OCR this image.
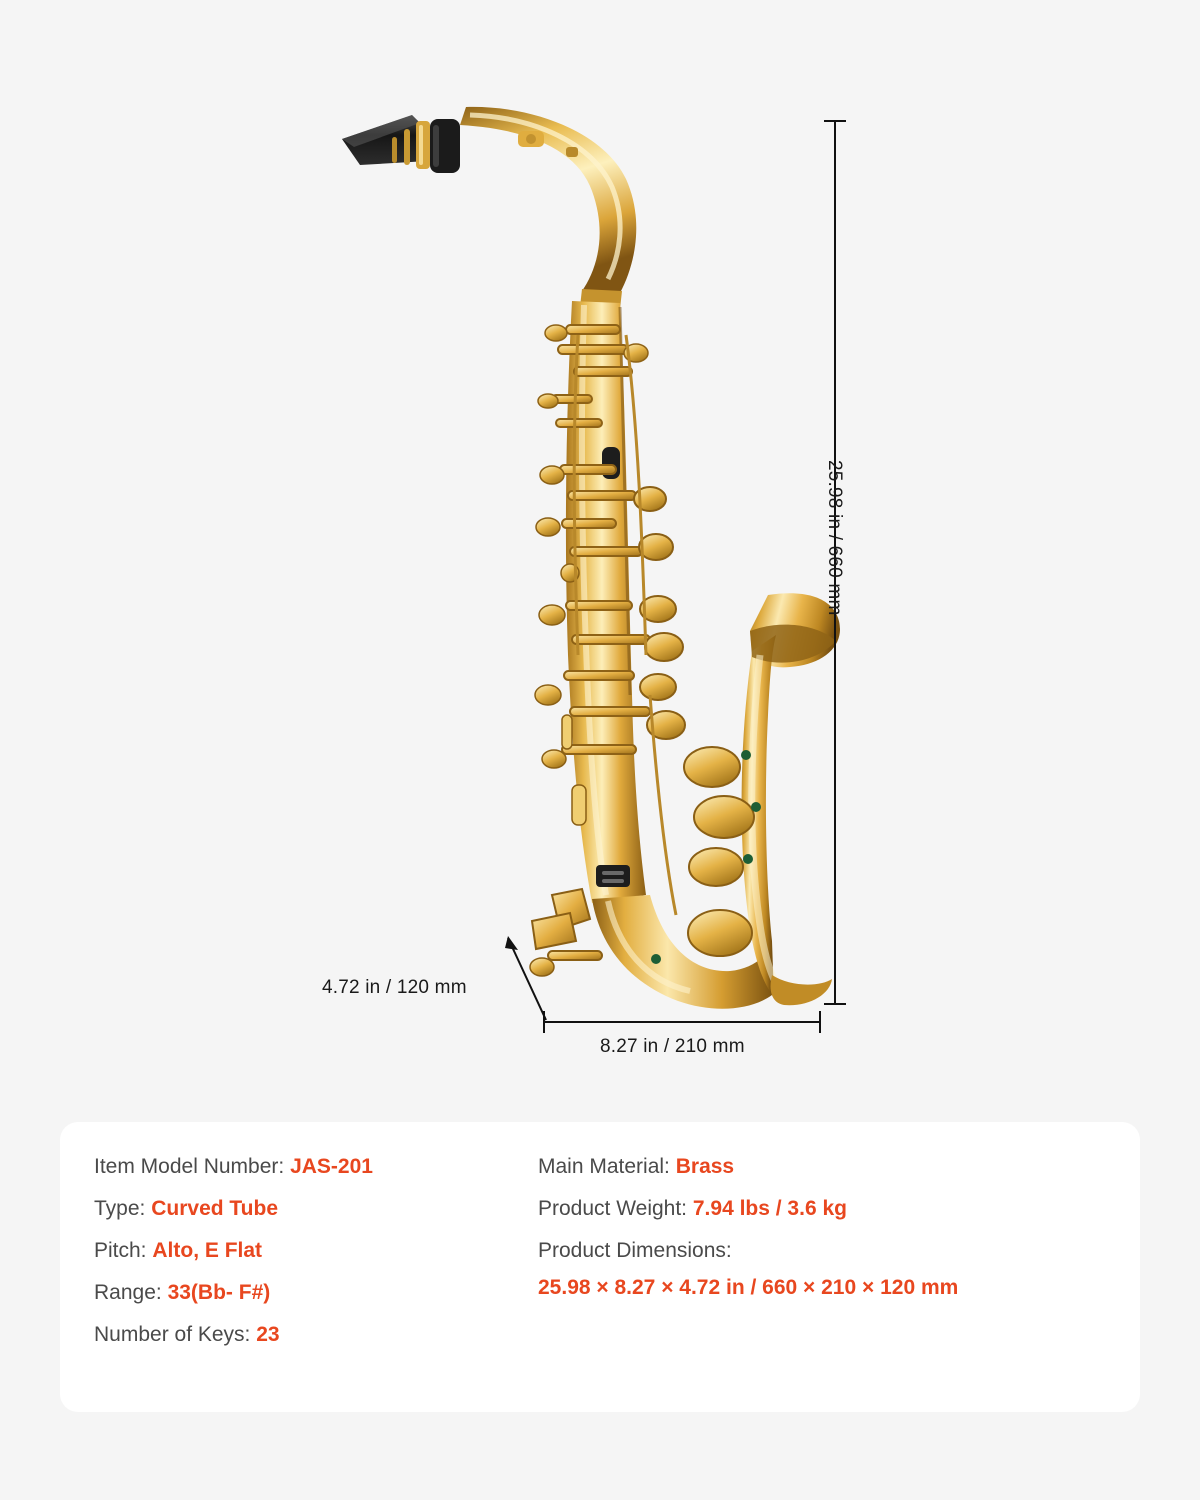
25.98 in / 660 mm
8.27 in / 210 mm
4.72 in / 120 mm
Item Model Number: JAS-201
Type: Curved Tube
Pitch: Alto, E Flat
Range: 33(Bb- F#)
Number of Keys: 23
Main Material: Brass
Product Weight: 7.94 lbs / 3.6 kg
Product Dimensions:
25.98 × 8.27 × 4.72 in / 660 × 210 × 120 mm
